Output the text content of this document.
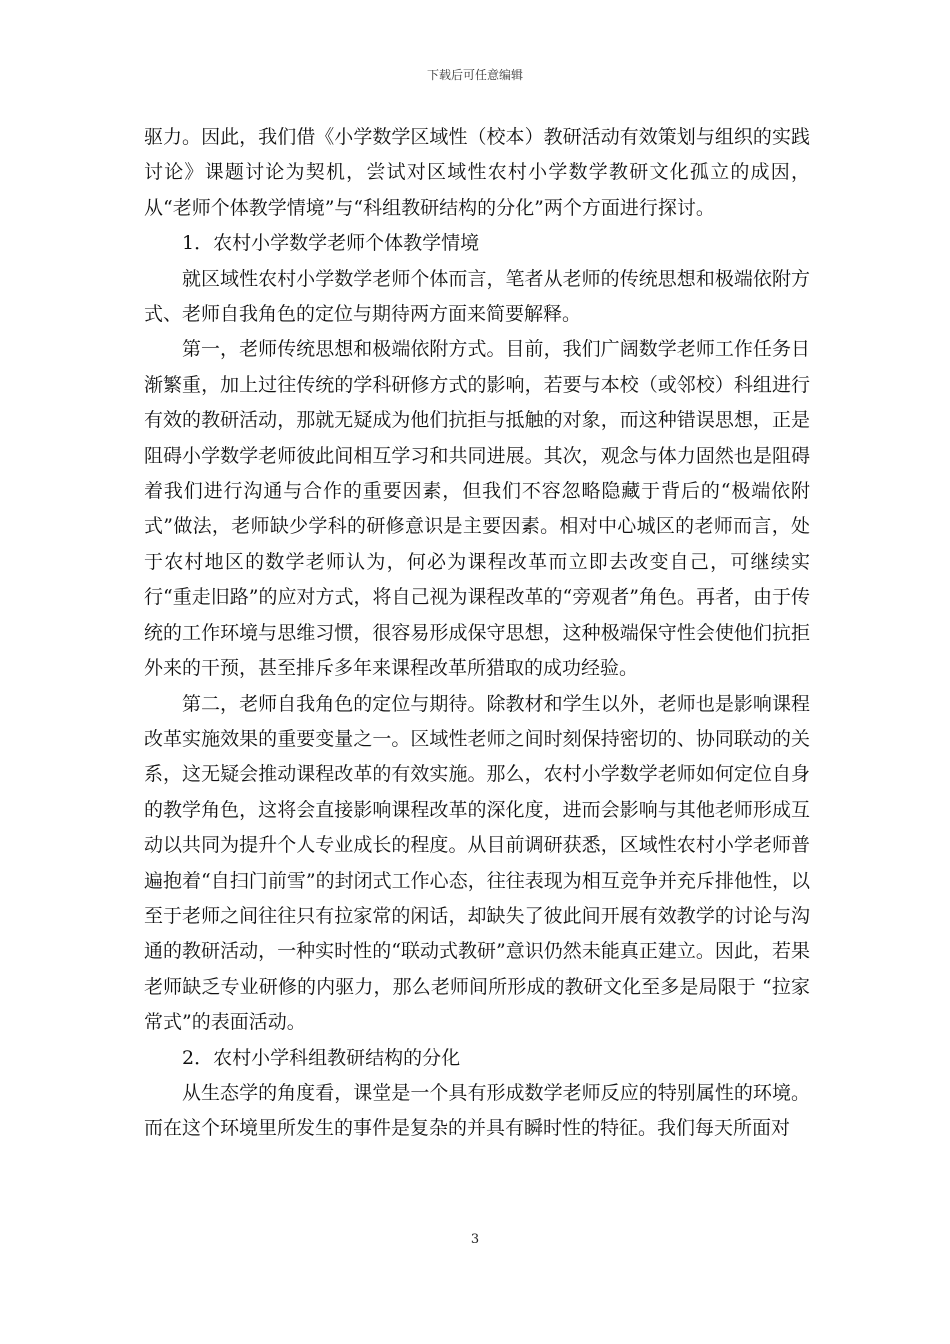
下载后可任意编辑

驱力。因此，我们借《小学数学区域性（校本）教研活动有效策划与组织的实践讨论》课题讨论为契机，尝试对区域性农村小学数学教研文化孤立的成因，从“老师个体教学情境”与“科组教研结构的分化”两个方面进行探讨。

1．农村小学数学老师个体教学情境

就区域性农村小学数学老师个体而言，笔者从老师的传统思想和极端依附方式、老师自我角色的定位与期待两方面来简要解释。

第一，老师传统思想和极端依附方式。目前，我们广阔数学老师工作任务日渐繁重，加上过往传统的学科研修方式的影响，若要与本校（或邻校）科组进行有效的教研活动，那就无疑成为他们抗拒与抵触的对象，而这种错误思想，正是阻碍小学数学老师彼此间相互学习和共同进展。其次，观念与体力固然也是阻碍着我们进行沟通与合作的重要因素，但我们不容忽略隐藏于背后的“极端依附式”做法，老师缺少学科的研修意识是主要因素。相对中心城区的老师而言，处于农村地区的数学老师认为，何必为课程改革而立即去改变自己，可继续实行“重走旧路”的应对方式，将自己视为课程改革的“旁观者”角色。再者，由于传统的工作环境与思维习惯，很容易形成保守思想，这种极端保守性会使他们抗拒外来的干预，甚至排斥多年来课程改革所猎取的成功经验。

第二，老师自我角色的定位与期待。除教材和学生以外，老师也是影响课程改革实施效果的重要变量之一。区域性老师之间时刻保持密切的、协同联动的关系，这无疑会推动课程改革的有效实施。那么，农村小学数学老师如何定位自身的教学角色，这将会直接影响课程改革的深化度，进而会影响与其他老师形成互动以共同为提升个人专业成长的程度。从目前调研获悉，区域性农村小学老师普遍抱着“自扫门前雪”的封闭式工作心态，往往表现为相互竞争并充斥排他性，以至于老师之间往往只有拉家常的闲话，却缺失了彼此间开展有效教学的讨论与沟通的教研活动，一种实时性的“联动式教研”意识仍然未能真正建立。因此，若果老师缺乏专业研修的内驱力，那么老师间所形成的教研文化至多是局限于 “拉家常式”的表面活动。

2．农村小学科组教研结构的分化

从生态学的角度看，课堂是一个具有形成数学老师反应的特别属性的环境。而在这个环境里所发生的事件是复杂的并具有瞬时性的特征。我们每天所面对

3
